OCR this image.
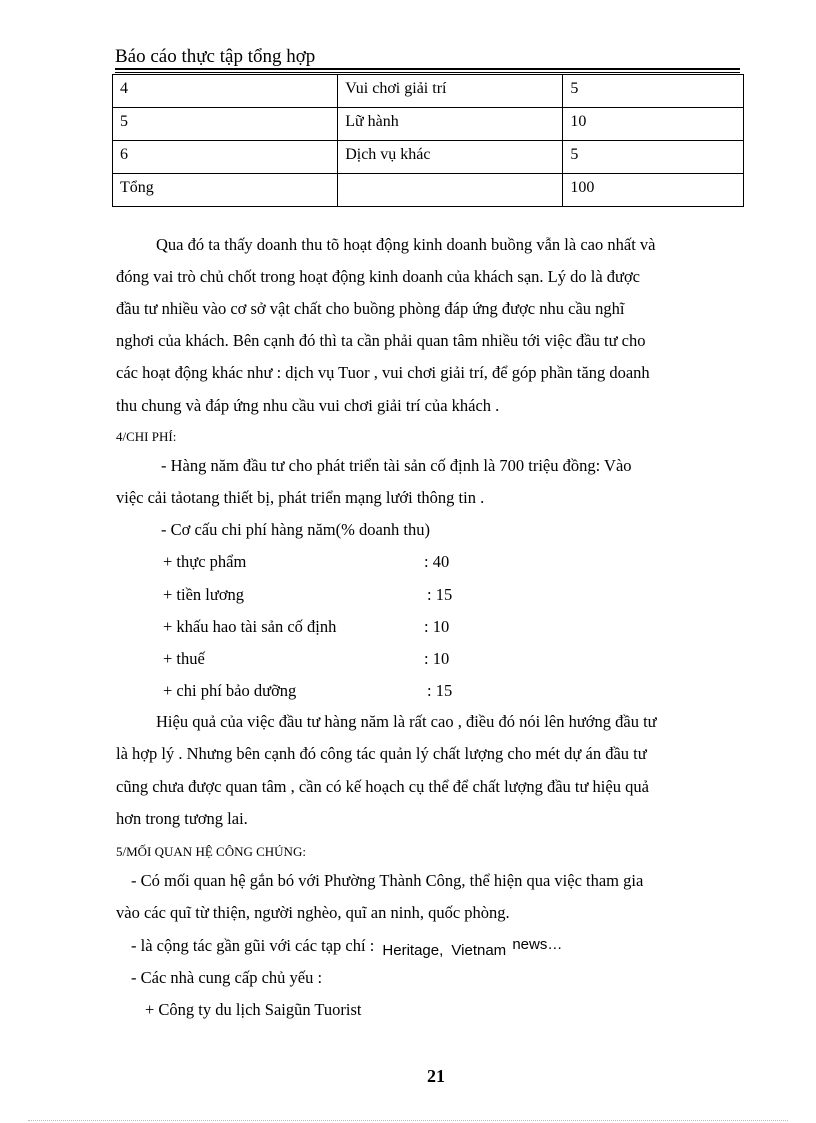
Báo cáo thực tập tổng hợp
4	Vui chơi giải trí	5
5	Lữ hành	10
6	Dịch vụ khác	5
Tổng		100
Qua đó ta thấy doanh thu tõ hoạt động kinh doanh buồng vẫn là cao nhất và
đóng vai trò chủ chốt trong hoạt động kinh doanh của khách sạn. Lý do là được
đầu tư nhiều vào cơ sở vật chất cho buồng phòng đáp ứng được nhu cầu nghĩ
nghơi của khách. Bên cạnh đó thì ta cần phải quan tâm nhiều tới việc đầu tư cho
các hoạt động khác như : dịch vụ Tuor , vui chơi giải trí, để góp phần tăng doanh
thu chung và đáp ứng nhu cầu vui chơi giải trí của khách .
4/CHI PHÍ:
- Hàng năm đầu tư cho phát triển tài sản cố định là 700 triệu đồng: Vào
việc cải tảotang thiết bị, phát triển mạng lưới thông tin .
- Cơ cấu chi phí hàng năm(% doanh thu)
+ thực phẩm	: 40
+ tiền lương	: 15
+ khấu hao tài sản cố định	: 10
+ thuế	: 10
+ chi phí bảo dưỡng	: 15
Hiệu quả của việc đầu tư hàng năm là rất cao , điều đó nói lên hướng đầu tư
là hợp lý . Nhưng bên cạnh đó công tác quản lý chất lượng cho mét dự án đầu tư
cũng chưa được quan tâm , cần có kế hoạch cụ thể để chất lượng đầu tư hiệu quả
hơn trong tương lai.
5/MỐI QUAN HỆ CÔNG CHÚNG:
- Có mối quan hệ gắn bó với Phường Thành Công, thể hiện qua việc tham gia
vào các quĩ từ thiện, người nghèo, quĩ an ninh, quốc phòng.
- là cộng tác gần gũi với các tạp chí : Heritage, Vietnam news…
- Các nhà cung cấp chủ yếu :
+ Công ty du lịch Saigũn Tuorist
21
